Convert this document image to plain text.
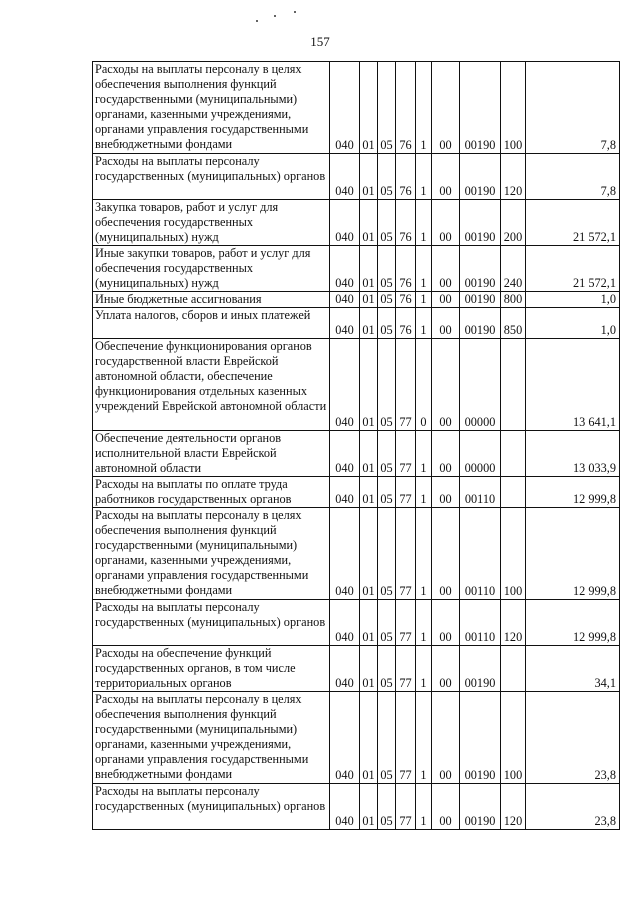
157
Расходы на выплаты персоналу в целях обеспечения выполнения функций государственными (муниципальными) органами, казенными учреждениями, органами управления государственными внебюджетными фондами	040	01	05	76	1	00	00190	100	7,8
Расходы на выплаты персоналу государственных (муниципальных) органов	040	01	05	76	1	00	00190	120	7,8
Закупка товаров, работ и услуг для обеспечения государственных (муниципальных) нужд	040	01	05	76	1	00	00190	200	21 572,1
Иные закупки товаров, работ и услуг для обеспечения государственных (муниципальных) нужд	040	01	05	76	1	00	00190	240	21 572,1
Иные бюджетные ассигнования	040	01	05	76	1	00	00190	800	1,0
Уплата налогов, сборов и иных платежей	040	01	05	76	1	00	00190	850	1,0
Обеспечение функционирования органов государственной власти Еврейской автономной области, обеспечение функционирования отдельных казенных учреждений Еврейской автономной области	040	01	05	77	0	00	00000		13 641,1
Обеспечение деятельности органов исполнительной власти Еврейской автономной области	040	01	05	77	1	00	00000		13 033,9
Расходы на выплаты по оплате труда работников государственных органов	040	01	05	77	1	00	00110		12 999,8
Расходы на выплаты персоналу в целях обеспечения выполнения функций государственными (муниципальными) органами, казенными учреждениями, органами управления государственными внебюджетными фондами	040	01	05	77	1	00	00110	100	12 999,8
Расходы на выплаты персоналу государственных (муниципальных) органов	040	01	05	77	1	00	00110	120	12 999,8
Расходы на обеспечение функций государственных органов, в том числе территориальных органов	040	01	05	77	1	00	00190		34,1
Расходы на выплаты персоналу в целях обеспечения выполнения функций государственными (муниципальными) органами, казенными учреждениями, органами управления государственными внебюджетными фондами	040	01	05	77	1	00	00190	100	23,8
Расходы на выплаты персоналу государственных (муниципальных) органов	040	01	05	77	1	00	00190	120	23,8
